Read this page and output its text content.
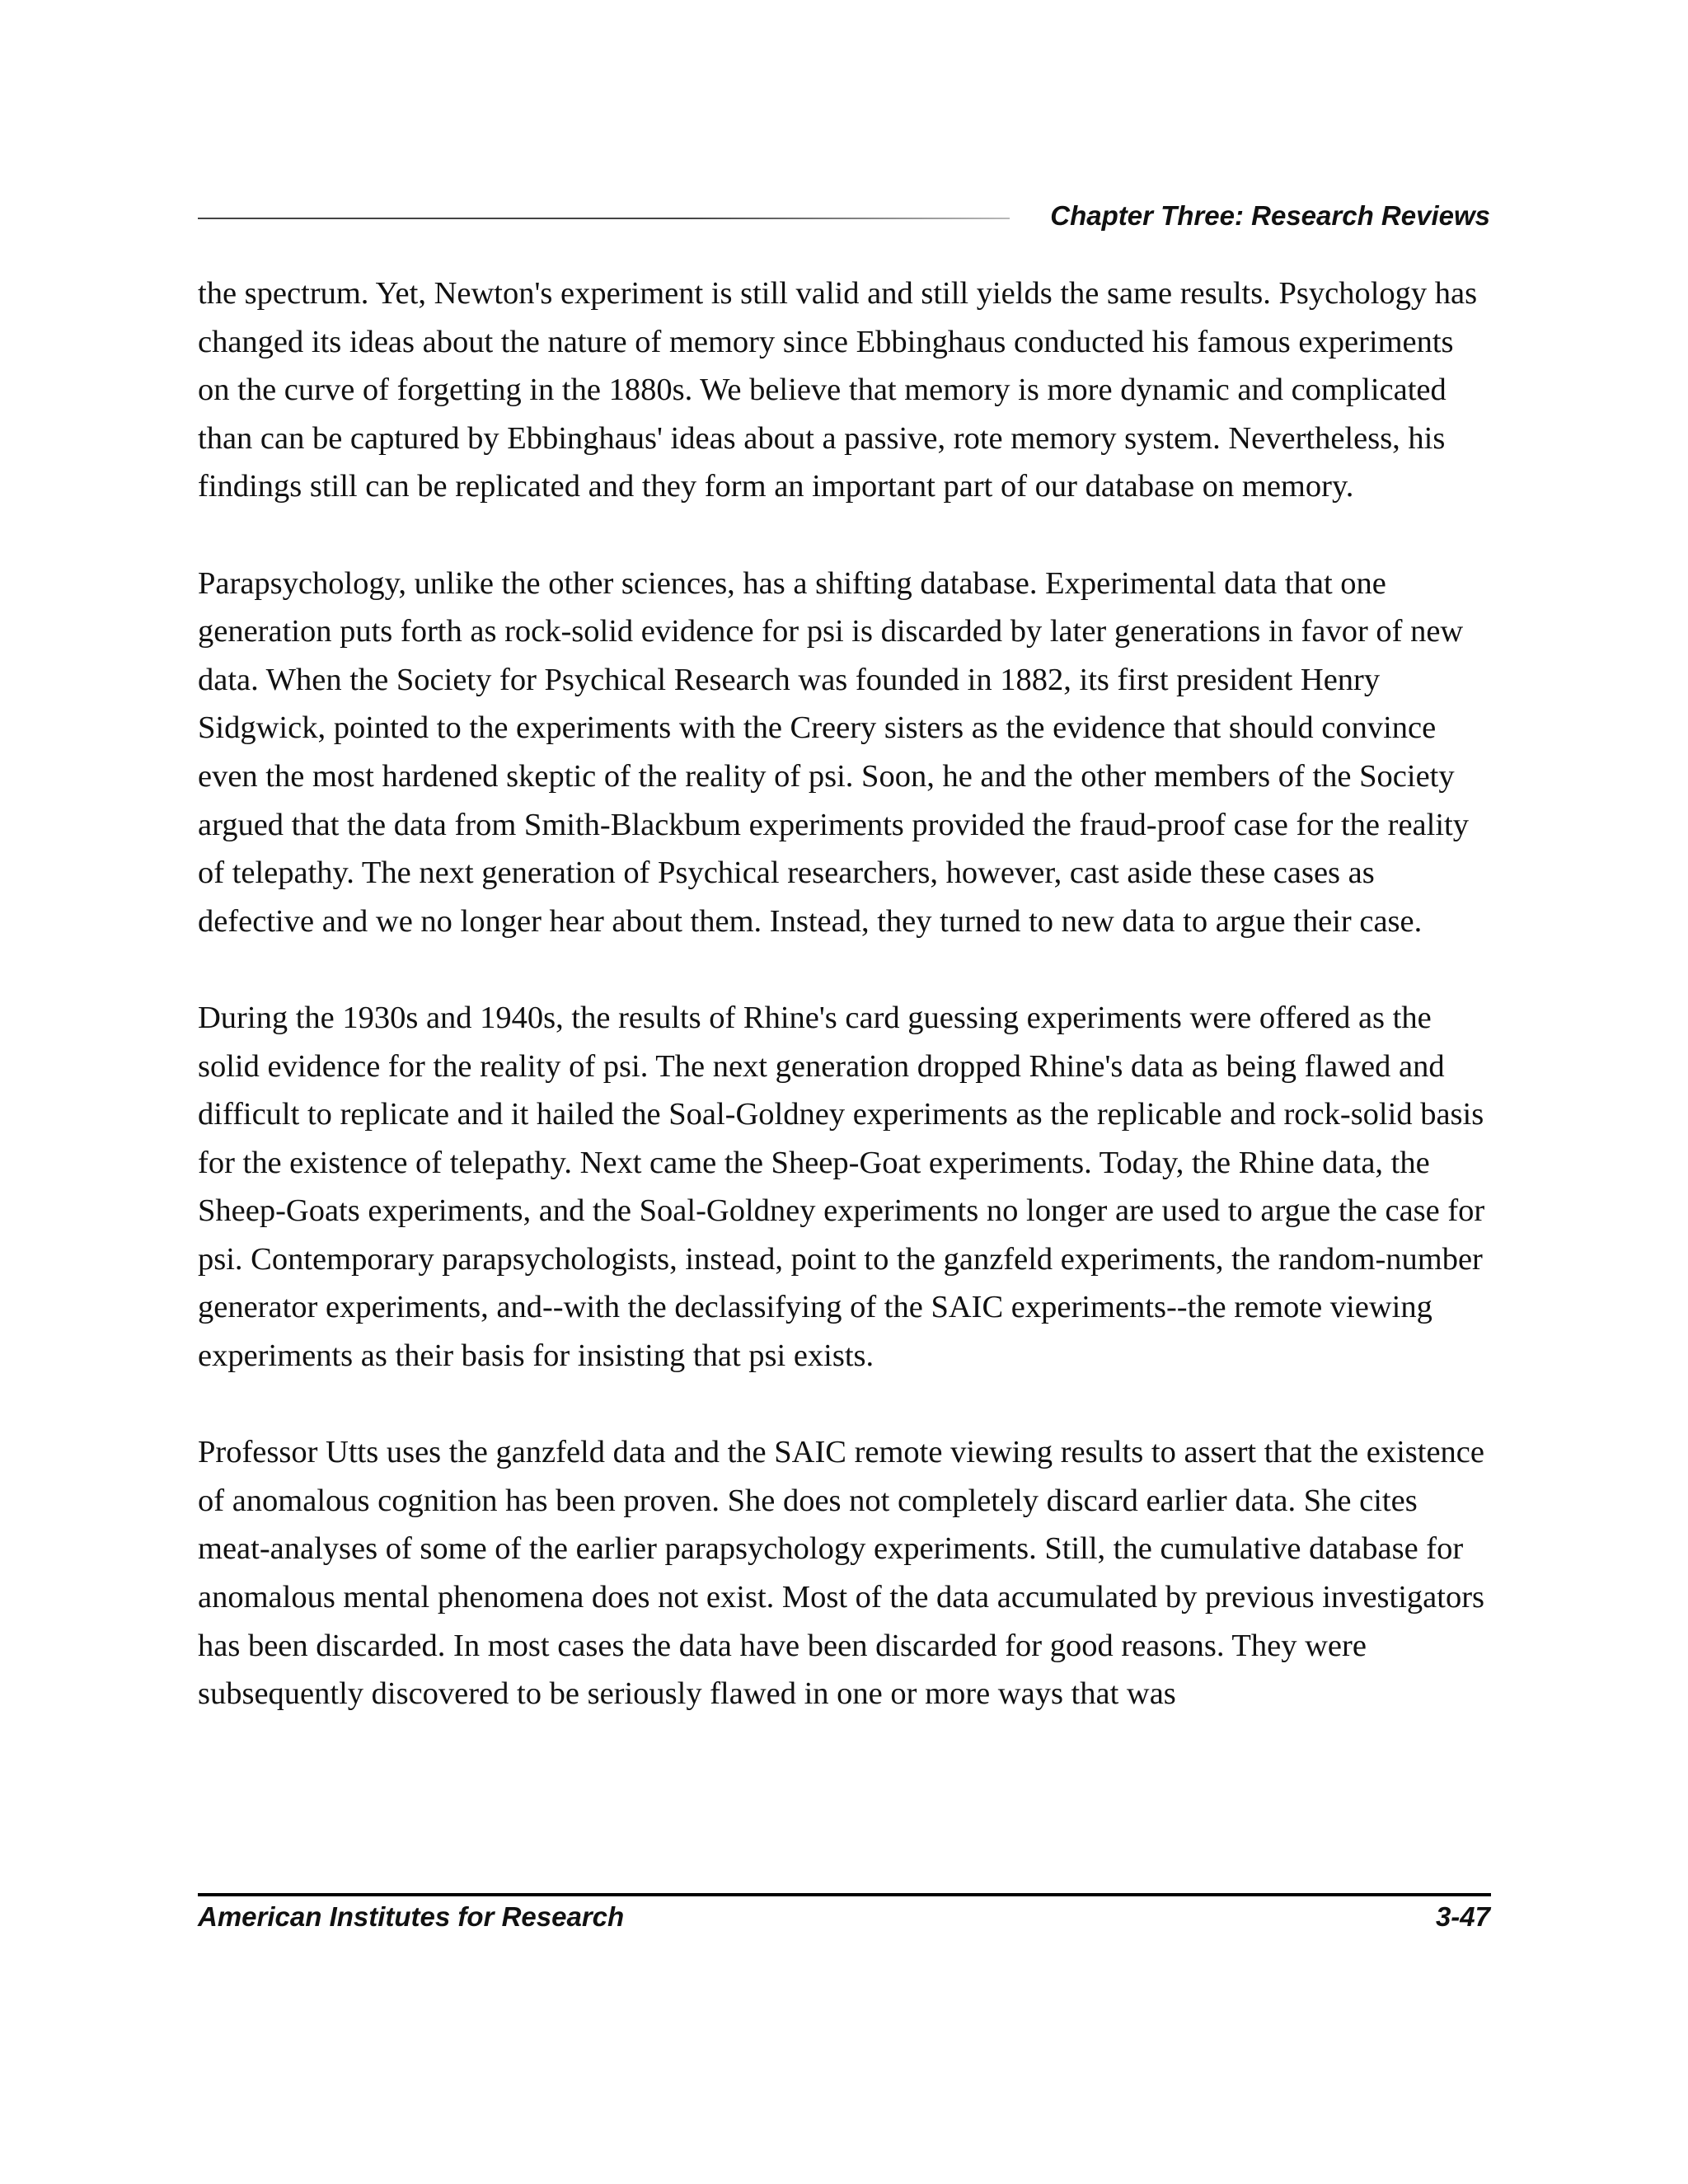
Chapter Three: Research Reviews

the spectrum. Yet, Newton's experiment is still valid and still yields the same results. Psychology has changed its ideas about the nature of memory since Ebbinghaus conducted his famous experiments on the curve of forgetting in the 1880s. We believe that memory is more dynamic and complicated than can be captured by Ebbinghaus' ideas about a passive, rote memory system. Nevertheless, his findings still can be replicated and they form an important part of our database on memory.

Parapsychology, unlike the other sciences, has a shifting database. Experimental data that one generation puts forth as rock-solid evidence for psi is discarded by later generations in favor of new data. When the Society for Psychical Research was founded in 1882, its first president Henry Sidgwick, pointed to the experiments with the Creery sisters as the evidence that should convince even the most hardened skeptic of the reality of psi. Soon, he and the other members of the Society argued that the data from Smith-Blackbum experiments provided the fraud-proof case for the reality of telepathy. The next generation of Psychical researchers, however, cast aside these cases as defective and we no longer hear about them. Instead, they turned to new data to argue their case.

During the 1930s and 1940s, the results of Rhine's card guessing experiments were offered as the solid evidence for the reality of psi. The next generation dropped Rhine's data as being flawed and difficult to replicate and it hailed the Soal-Goldney experiments as the replicable and rock-solid basis for the existence of telepathy. Next came the Sheep-Goat experiments. Today, the Rhine data, the Sheep-Goats experiments, and the Soal-Goldney experiments no longer are used to argue the case for psi. Contemporary parapsychologists, instead, point to the ganzfeld experiments, the random-number generator experiments, and--with the declassifying of the SAIC experiments--the remote viewing experiments as their basis for insisting that psi exists.

Professor Utts uses the ganzfeld data and the SAIC remote viewing results to assert that the existence of anomalous cognition has been proven. She does not completely discard earlier data. She cites meat-analyses of some of the earlier parapsychology experiments. Still, the cumulative database for anomalous mental phenomena does not exist. Most of the data accumulated by previous investigators has been discarded. In most cases the data have been discarded for good reasons. They were subsequently discovered to be seriously flawed in one or more ways that was

American Institutes for Research	3-47
